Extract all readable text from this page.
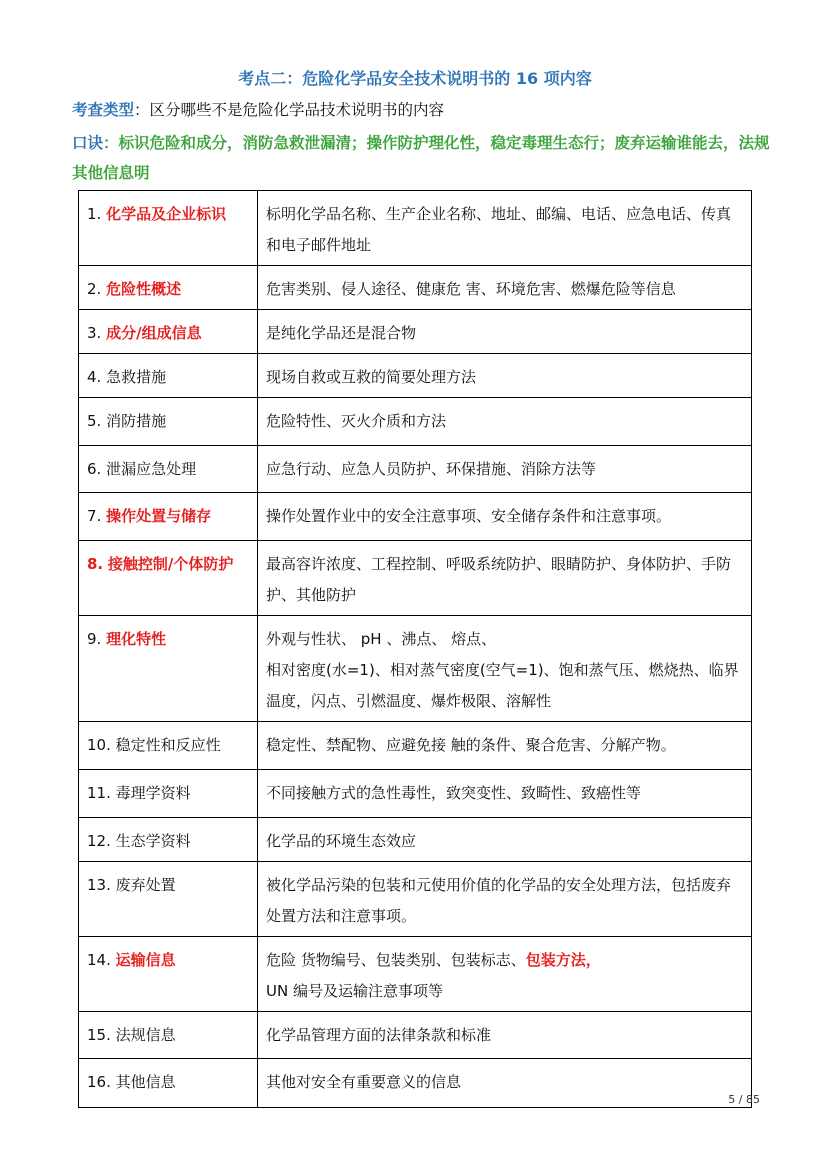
考点二：危险化学品安全技术说明书的 16 项内容
考查类型：区分哪些不是危险化学品技术说明书的内容
口诀：标识危险和成分，消防急救泄漏清；操作防护理化性，稳定毒理生态行；废弃运输谁能去，法规其他信息明
1. 化学品及企业标识	标明化学品名称、生产企业名称、地址、邮编、电话、应急电话、传真和电子邮件地址

2. 危险性概述	危害类别、侵人途径、健康危 害、环境危害、燃爆危险等信息

3. 成分/组成信息	是纯化学品还是混合物

4. 急救措施	现场自救或互救的简要处理方法

5. 消防措施	危险特性、灭火介质和方法

6. 泄漏应急处理	应急行动、应急人员防护、环保措施、消除方法等

7. 操作处置与储存	操作处置作业中的安全注意事项、安全储存条件和注意事项。

8. 接触控制/个体防护	最高容许浓度、工程控制、呼吸系统防护、眼睛防护、身体防护、手防护、其他防护

9. 理化特性	外观与性状、 pH 、沸点、 熔点、
相对密度(水=1)、相对蒸气密度(空气=1)、饱和蒸气压、燃烧热、临界温度，闪点、引燃温度、爆炸极限、溶解性

10. 稳定性和反应性	稳定性、禁配物、应避免接 触的条件、聚合危害、分解产物。

11. 毒理学资料	不同接触方式的急性毒性，致突变性、致畸性、致癌性等

12. 生态学资料	化学品的环境生态效应

13. 废弃处置	被化学品污染的包装和元使用价值的化学品的安全处理方法，包括废弃处置方法和注意事项。

14. 运输信息	危险 货物编号、包装类别、包装标志、包装方法，
UN 编号及运输注意事项等

15. 法规信息	化学品管理方面的法律条款和标准

16. 其他信息	其他对安全有重要意义的信息
5 / 85
